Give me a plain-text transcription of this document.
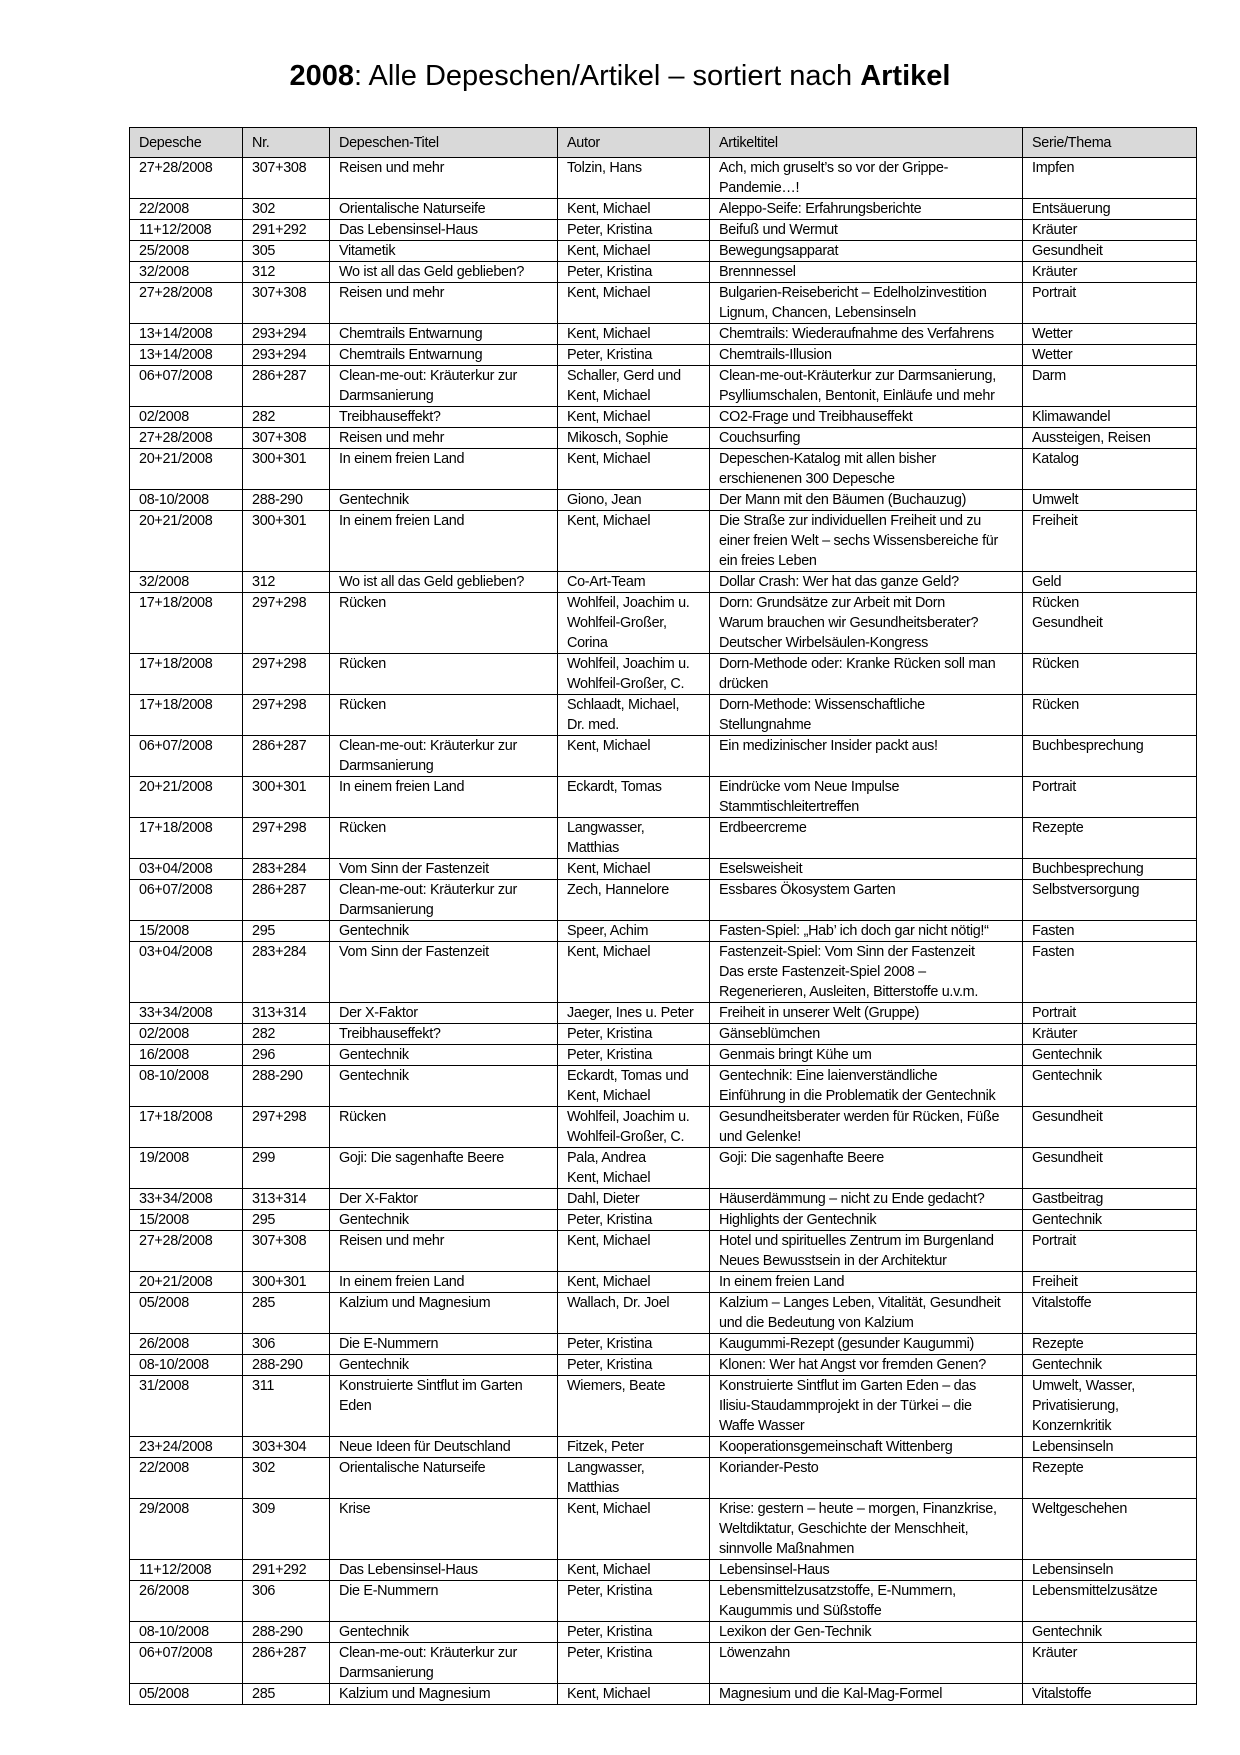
2008: Alle Depeschen/Artikel – sortiert nach Artikel
Depesche	Nr.	Depeschen-Titel	Autor	Artikeltitel	Serie/Thema

27+28/2008	307+308	Reisen und mehr	Tolzin, Hans	Ach, mich gruselt’s so vor der Grippe-
Pandemie…!	Impfen

22/2008	302	Orientalische Naturseife	Kent, Michael	Aleppo-Seife: Erfahrungsberichte	Entsäuerung

11+12/2008	291+292	Das Lebensinsel-Haus	Peter, Kristina	Beifuß und Wermut	Kräuter

25/2008	305	Vitametik	Kent, Michael	Bewegungsapparat	Gesundheit

32/2008	312	Wo ist all das Geld geblieben?	Peter, Kristina	Brennnessel	Kräuter

27+28/2008	307+308	Reisen und mehr	Kent, Michael	Bulgarien-Reisebericht – Edelholzinvestition
Lignum, Chancen, Lebensinseln	Portrait

13+14/2008	293+294	Chemtrails Entwarnung	Kent, Michael	Chemtrails: Wiederaufnahme des Verfahrens	Wetter

13+14/2008	293+294	Chemtrails Entwarnung	Peter, Kristina	Chemtrails-Illusion	Wetter

06+07/2008	286+287	Clean-me-out: Kräuterkur zur
Darmsanierung	Schaller, Gerd und
Kent, Michael	Clean-me-out-Kräuterkur zur Darmsanierung,
Psylliumschalen, Bentonit, Einläufe und mehr	Darm

02/2008	282	Treibhauseffekt?	Kent, Michael	CO2-Frage und Treibhauseffekt	Klimawandel

27+28/2008	307+308	Reisen und mehr	Mikosch, Sophie	Couchsurfing	Aussteigen, Reisen

20+21/2008	300+301	In einem freien Land	Kent, Michael	Depeschen-Katalog mit allen bisher
erschienenen 300 Depesche	Katalog

08-10/2008	288-290	Gentechnik	Giono, Jean	Der Mann mit den Bäumen (Buchauzug)	Umwelt

20+21/2008	300+301	In einem freien Land	Kent, Michael	Die Straße zur individuellen Freiheit und zu
einer freien Welt – sechs Wissensbereiche für
ein freies Leben	Freiheit

32/2008	312	Wo ist all das Geld geblieben?	Co-Art-Team	Dollar Crash: Wer hat das ganze Geld?	Geld

17+18/2008	297+298	Rücken	Wohlfeil, Joachim u.
Wohlfeil-Großer,
Corina	Dorn: Grundsätze zur Arbeit mit Dorn
Warum brauchen wir Gesundheitsberater?
Deutscher Wirbelsäulen-Kongress	Rücken
Gesundheit

17+18/2008	297+298	Rücken	Wohlfeil, Joachim u.
Wohlfeil-Großer, C.	Dorn-Methode oder: Kranke Rücken soll man
drücken	Rücken

17+18/2008	297+298	Rücken	Schlaadt, Michael,
Dr. med.	Dorn-Methode: Wissenschaftliche
Stellungnahme	Rücken

06+07/2008	286+287	Clean-me-out: Kräuterkur zur
Darmsanierung	Kent, Michael	Ein medizinischer Insider packt aus!	Buchbesprechung

20+21/2008	300+301	In einem freien Land	Eckardt, Tomas	Eindrücke vom Neue Impulse
Stammtischleitertreffen	Portrait

17+18/2008	297+298	Rücken	Langwasser,
Matthias	Erdbeercreme	Rezepte

03+04/2008	283+284	Vom Sinn der Fastenzeit	Kent, Michael	Eselsweisheit	Buchbesprechung

06+07/2008	286+287	Clean-me-out: Kräuterkur zur
Darmsanierung	Zech, Hannelore	Essbares Ökosystem Garten	Selbstversorgung

15/2008	295	Gentechnik	Speer, Achim	Fasten-Spiel: „Hab’ ich doch gar nicht nötig!“	Fasten

03+04/2008	283+284	Vom Sinn der Fastenzeit	Kent, Michael	Fastenzeit-Spiel: Vom Sinn der Fastenzeit
Das erste Fastenzeit-Spiel 2008 –
Regenerieren, Ausleiten, Bitterstoffe u.v.m.	Fasten

33+34/2008	313+314	Der X-Faktor	Jaeger, Ines u. Peter	Freiheit in unserer Welt (Gruppe)	Portrait

02/2008	282	Treibhauseffekt?	Peter, Kristina	Gänseblümchen	Kräuter

16/2008	296	Gentechnik	Peter, Kristina	Genmais bringt Kühe um	Gentechnik

08-10/2008	288-290	Gentechnik	Eckardt, Tomas und
Kent, Michael	Gentechnik: Eine laienverständliche
Einführung in die Problematik der Gentechnik	Gentechnik

17+18/2008	297+298	Rücken	Wohlfeil, Joachim u.
Wohlfeil-Großer, C.	Gesundheitsberater werden für Rücken, Füße
und Gelenke!	Gesundheit

19/2008	299	Goji: Die sagenhafte Beere	Pala, Andrea
Kent, Michael	Goji: Die sagenhafte Beere	Gesundheit

33+34/2008	313+314	Der X-Faktor	Dahl, Dieter	Häuserdämmung – nicht zu Ende gedacht?	Gastbeitrag

15/2008	295	Gentechnik	Peter, Kristina	Highlights der Gentechnik	Gentechnik

27+28/2008	307+308	Reisen und mehr	Kent, Michael	Hotel und spirituelles Zentrum im Burgenland
Neues Bewusstsein in der Architektur	Portrait

20+21/2008	300+301	In einem freien Land	Kent, Michael	In einem freien Land	Freiheit

05/2008	285	Kalzium und Magnesium	Wallach, Dr. Joel	Kalzium – Langes Leben, Vitalität, Gesundheit
und die Bedeutung von Kalzium	Vitalstoffe

26/2008	306	Die E-Nummern	Peter, Kristina	Kaugummi-Rezept (gesunder Kaugummi)	Rezepte

08-10/2008	288-290	Gentechnik	Peter, Kristina	Klonen: Wer hat Angst vor fremden Genen?	Gentechnik

31/2008	311	Konstruierte Sintflut im Garten
Eden	Wiemers, Beate	Konstruierte Sintflut im Garten Eden – das
Ilisiu-Staudammprojekt in der Türkei – die
Waffe Wasser	Umwelt, Wasser,
Privatisierung,
Konzernkritik

23+24/2008	303+304	Neue Ideen für Deutschland	Fitzek, Peter	Kooperationsgemeinschaft Wittenberg	Lebensinseln

22/2008	302	Orientalische Naturseife	Langwasser,
Matthias	Koriander-Pesto	Rezepte

29/2008	309	Krise	Kent, Michael	Krise: gestern – heute – morgen, Finanzkrise,
Weltdiktatur, Geschichte der Menschheit,
sinnvolle Maßnahmen	Weltgeschehen

11+12/2008	291+292	Das Lebensinsel-Haus	Kent, Michael	Lebensinsel-Haus	Lebensinseln

26/2008	306	Die E-Nummern	Peter, Kristina	Lebensmittelzusatzstoffe, E-Nummern,
Kaugummis und Süßstoffe	Lebensmittelzusätze

08-10/2008	288-290	Gentechnik	Peter, Kristina	Lexikon der Gen-Technik	Gentechnik

06+07/2008	286+287	Clean-me-out: Kräuterkur zur
Darmsanierung	Peter, Kristina	Löwenzahn	Kräuter

05/2008	285	Kalzium und Magnesium	Kent, Michael	Magnesium und die Kal-Mag-Formel	Vitalstoffe
